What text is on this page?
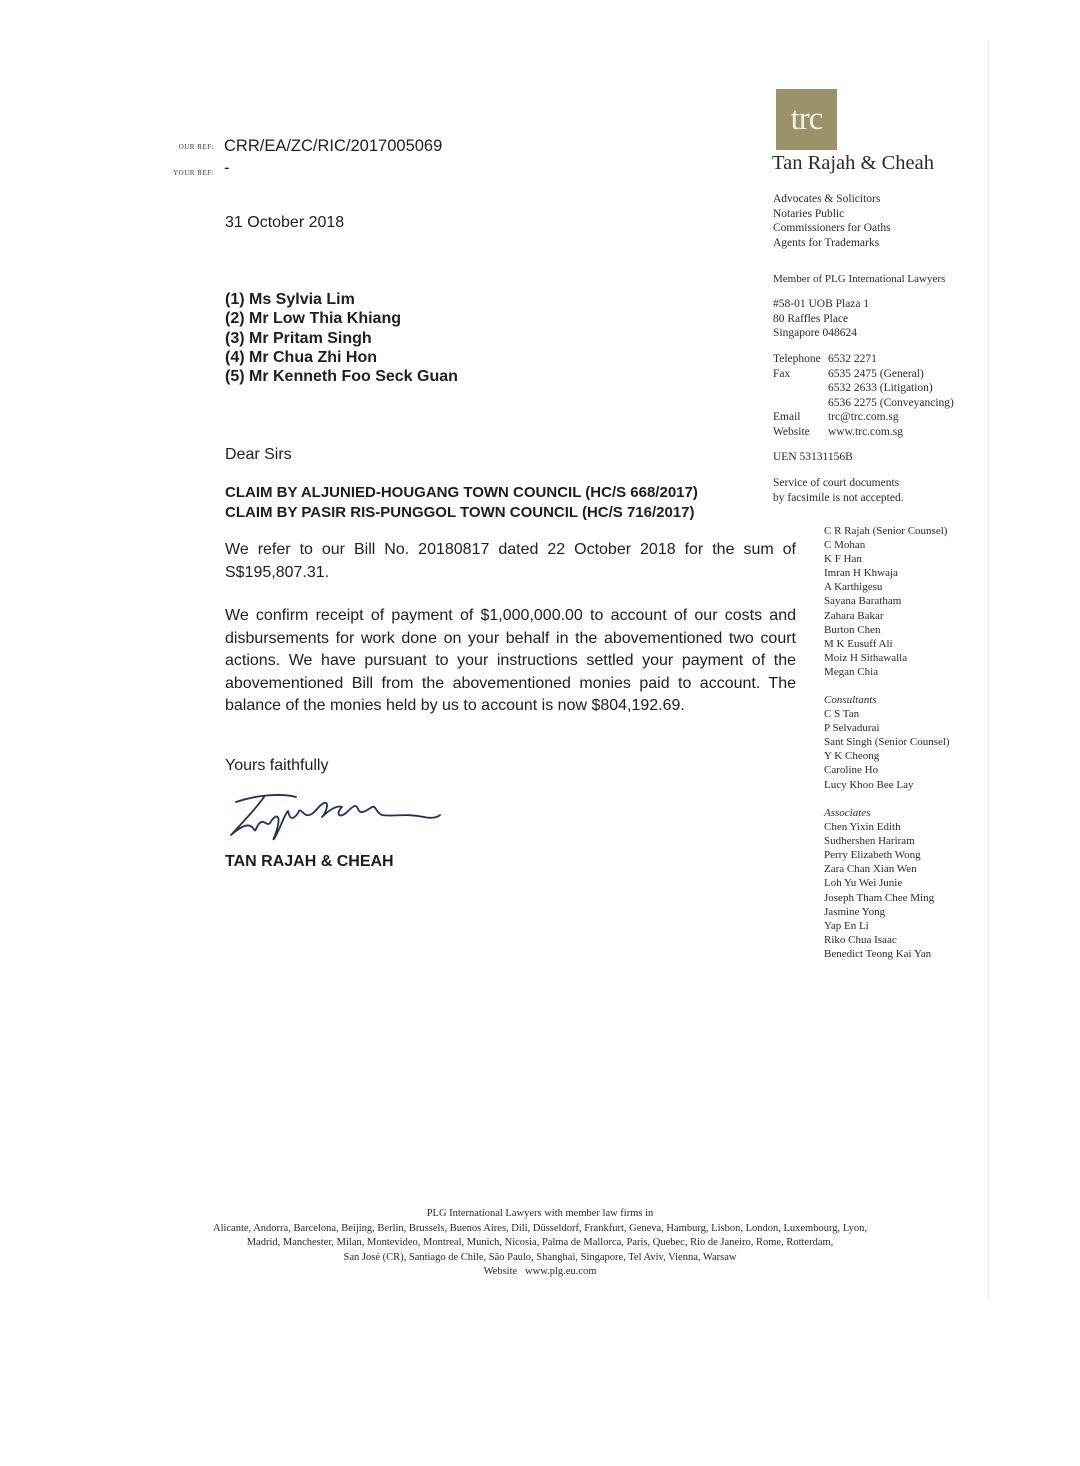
OUR REF: CRR/EA/ZC/RIC/2017005069
YOUR REF: -
trc
Tan Rajah & Cheah
Advocates & Solicitors
Notaries Public
Commissioners for Oaths
Agents for Trademarks
Member of PLG International Lawyers
#58-01 UOB Plaza 1
80 Raffles Place
Singapore 048624
Telephone 6532 2271
Fax	6535 2475 (General)
6532 2633 (Litigation)
6536 2275 (Conveyancing)
Email trc@trc.com.sg
Website www.trc.com.sg
UEN 53131156B
Service of court documents
by facsimile is not accepted.
C R Rajah (Senior Counsel)
C Mohan
K F Han
Imran H Khwaja
A Karthigesu
Sayana Baratham
Zahara Bakar
Burton Chen
M K Eusuff Ali
Moiz H Sithawalla
Megan Chia
Consultants
C S Tan
P Selvadurai
Sant Singh (Senior Counsel)
Y K Cheong
Caroline Ho
Lucy Khoo Bee Lay
Associates
Chen Yixin Edith
Sudhershen Hariram
Perry Elizabeth Wong
Zara Chan Xian Wen
Loh Yu Wei Junie
Joseph Tham Chee Ming
Jasmine Yong
Yap En Li
Riko Chua Isaac
Benedict Teong Kai Yan
31 October 2018
(1) Ms Sylvia Lim
(2) Mr Low Thia Khiang
(3) Mr Pritam Singh
(4) Mr Chua Zhi Hon
(5) Mr Kenneth Foo Seck Guan
Dear Sirs
CLAIM BY ALJUNIED-HOUGANG TOWN COUNCIL (HC/S 668/2017)
CLAIM BY PASIR RIS-PUNGGOL TOWN COUNCIL (HC/S 716/2017)
We refer to our Bill No. 20180817 dated 22 October 2018 for the sum of S$195,807.31.
We confirm receipt of payment of $1,000,000.00 to account of our costs and disbursements for work done on your behalf in the abovementioned two court actions. We have pursuant to your instructions settled your payment of the abovementioned Bill from the abovementioned monies paid to account. The balance of the monies held by us to account is now $804,192.69.
Yours faithfully
TAN RAJAH & CHEAH
PLG International Lawyers with member law firms in
Alicante, Andorra, Barcelona, Beijing, Berlin, Brussels, Buenos Aires, Dili, Düsseldorf, Frankfurt, Geneva, Hamburg, Lisbon, London, Luxembourg, Lyon,
Madrid, Manchester, Milan, Montevideo, Montreal, Munich, Nicosia, Palma de Mallorca, Paris, Quebec, Rio de Janeiro, Rome, Rotterdam,
San José (CR), Santiago de Chile, São Paulo, Shanghai, Singapore, Tel Aviv, Vienna, Warsaw
Website www.plg.eu.com
